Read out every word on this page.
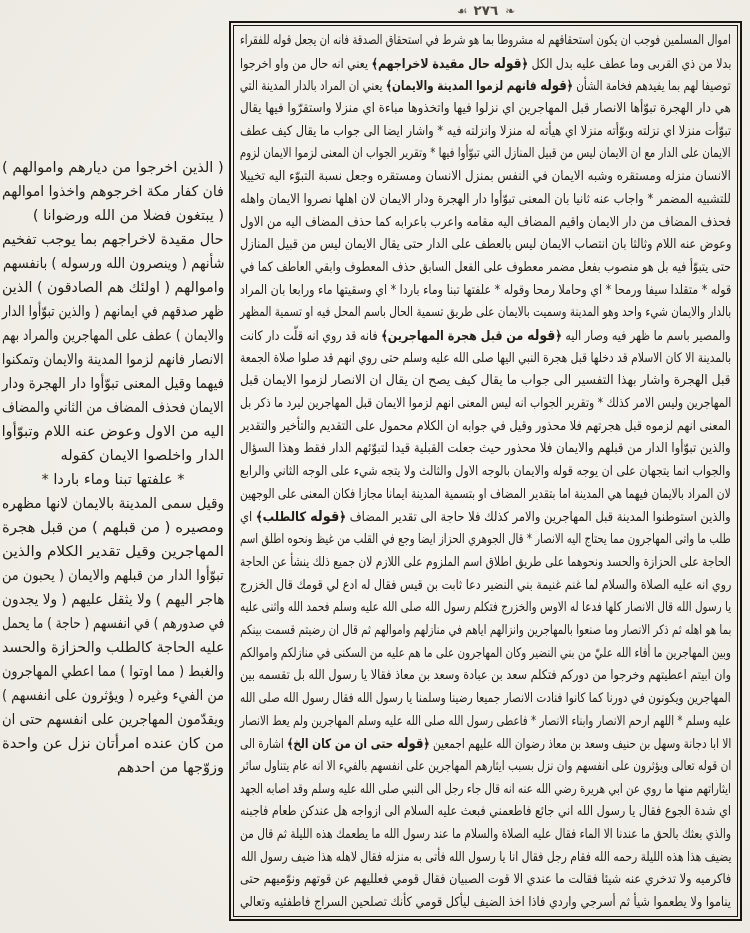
❧
٢٧٦
☙
اموال المسلمين فوجب ان يكون استحقاقهم له مشروطا بما هو شرط في استحقاق الصدقة فانه ان يجعل قوله للفقراء
بدلا من ذي القربى وما عطف عليه بدل الكل ﴿قوله حال مقيدة لاخراجهم﴾ يعني انه حال من واو اخرجوا
توصيفا لهم بما يفيدهم فخامة الشأن ﴿قوله فانهم لزموا المدينة والايمان﴾ يعني ان المراد بالدار المدينة التي
هي دار الهجرة تبوّأها الانصار قبل المهاجرين اي نزلوا فيها واتخذوها مباءة اي منزلا واستقرّوا فيها يقال
تبوّأت منزلا اي نزلته وبوّأته منزلا اي هيأته له منزلا وانزلته فيه * واشار ايضا الى جواب ما يقال كيف عطف
الايمان على الدار مع ان الايمان ليس من قبيل المنازل التي تبوّأوا فيها * وتقرير الجواب ان المعنى لزموا الايمان لزوم
الانسان منزله ومستقره وشبه الايمان في النفس بمنزل الانسان ومستقره وجعل نسبة التبوّء اليه تخييلا
للتشبيه المضمر * واجاب عنه ثانيا بان المعنى تبوّأوا دار الهجرة ودار الايمان لان اهلها نصروا الايمان واهله
فحذف المضاف من دار الايمان واقيم المضاف اليه مقامه واعرب باعرابه كما حذف المضاف اليه من الاول
وعوض عنه اللام وثالثا بان انتصاب الايمان ليس بالعطف على الدار حتى يقال الايمان ليس من قبيل المنازل
حتى يتبوّأ فيه بل هو منصوب بفعل مضمر معطوف على الفعل السابق حذف المعطوف وابقي العاطف كما في
قوله * متقلدا سيفا ورمحا * اي وحاملا رمحا وقوله * علفتها تبنا وماء باردا * اي وسقيتها ماء ورابعا بان المراد
بالدار والايمان شيء واحد وهو المدينة وسميت بالايمان على طريق تسمية الحال باسم المحل فيه او تسمية المظهر
والمصير باسم ما ظهر فيه وصار اليه ﴿قوله من قبل هجرة المهاجرين﴾ فانه قد روي انه قلّت دار كانت
بالمدينة الا كان الاسلام قد دخلها قبل هجرة النبي اليها صلى الله عليه وسلم حتى روي انهم قد صلوا صلاة الجمعة
قبل الهجرة واشار بهذا التفسير الى جواب ما يقال كيف يصح ان يقال ان الانصار لزموا الايمان قبل
المهاجرين وليس الامر كذلك * وتقرير الجواب انه ليس المعنى انهم لزموا الايمان قبل المهاجرين ليرد ما ذكر بل
المعنى انهم لزموه قبل هجرتهم فلا محذور وقيل في جوابه ان الكلام محمول على التقديم والتأخير والتقدير
والذين تبوّأوا الدار من قبلهم والايمان فلا محذور حيث جعلت القبلية قيدا لتبوّئهم الدار فقط وهذا السؤال
والجواب انما يتجهان على ان يوجه قوله والايمان بالوجه الاول والثالث ولا يتجه شيء على الوجه الثاني والرابع
لان المراد بالايمان فيهما هي المدينة اما بتقدير المضاف او بتسمية المدينة ايمانا مجازا فكان المعنى على الوجهين
والذين استوطنوا المدينة قبل المهاجرين والامر كذلك فلا حاجة الى تقدير المضاف ﴿قوله كالطلب﴾ اي
طلب ما واتى المهاجرون مما يحتاج اليه الانصار * قال الجوهري الحزاز ايضا وجع في القلب من غيظ ونحوه اطلق اسم
الحاجة على الحزازة والحسد ونحوهما على طريق اطلاق اسم الملزوم على اللازم لان جميع ذلك ينشأ عن الحاجة
روي انه عليه الصلاة والسلام لما غنم غنيمة بني النضير دعا ثابت بن قيس فقال له ادع لي قومك قال الخزرج
يا رسول الله قال الانصار كلها فدعا له الاوس والخزرج فتكلم رسول الله صلى الله عليه وسلم فحمد الله واثنى عليه
بما هو اهله ثم ذكر الانصار وما صنعوا بالمهاجرين وانزالهم اياهم في منازلهم واموالهم ثم قال ان رضيتم قسمت بينكم
وبين المهاجرين ما أفاء الله عليّ من بني النضير وكان المهاجرون على ما هم عليه من السكنى في منازلكم واموالكم
وان ابيتم اعطيتهم وخرجوا من دوركم فتكلم سعد بن عبادة وسعد بن معاذ فقالا يا رسول الله بل تقسمه بين
المهاجرين ويكونون في دورنا كما كانوا فنادت الانصار جميعا رضينا وسلمنا يا رسول الله فقال رسول الله صلى الله
عليه وسلم * اللهم ارحم الانصار وابناء الانصار * فاعطى رسول الله صلى الله عليه وسلم المهاجرين ولم يعط الانصار
الا ابا دجانة وسهل بن حنيف وسعد بن معاذ رضوان الله عليهم اجمعين ﴿قوله حتى ان من كان الخ﴾ اشارة الى
ان قوله تعالى ويؤثرون على انفسهم وان نزل بسبب ايثارهم المهاجرين على انفسهم بالفيء الا انه عام يتناول سائر
ايثاراتهم منها ما روي عن ابي هريرة رضي الله عنه انه قال جاء رجل الى النبي صلى الله عليه وسلم وقد اصابه الجهد
اي شدة الجوع فقال يا رسول الله اني جائع فاطعمني فبعث عليه السلام الى ازواجه هل عندكن طعام فاجبنه
والذي بعثك بالحق ما عندنا الا الماء فقال عليه الصلاة والسلام ما عند رسول الله ما يطعمك هذه الليلة ثم قال من
يضيف هذا هذه الليلة رحمه الله فقام رجل فقال انا يا رسول الله فأتى به منزله فقال لاهله هذا ضيف رسول الله
فاكرميه ولا تدخري عنه شيئا فقالت ما عندي الا قوت الصبيان فقال قومي فعلليهم عن قوتهم ونوّميهم حتى
يناموا ولا يطعموا شيأ ثم أسرجي واردي فاذا اخذ الضيف ليأكل قومي كأنك تصلحين السراج فاطفئيه وتعالي
( الذين اخرجوا من ديارهم واموالهم )
فان كفار مكة اخرجوهم واخذوا اموالهم
( يبتغون فضلا من الله ورضوانا )
حال مقيدة لاخراجهم بما يوجب تفخيم
شأنهم ( وينصرون الله ورسوله ) بانفسهم
واموالهم ( اولئك هم الصادقون ) الذين
ظهر صدقهم في ايمانهم ( والذين تبوّأوا الدار
والايمان ) عطف على المهاجرين والمراد بهم
الانصار فانهم لزموا المدينة والايمان وتمكنوا
فيهما وقيل المعنى تبوّأوا دار الهجرة ودار
الايمان فحذف المضاف من الثاني والمضاف
اليه من الاول وعوض عنه اللام وتبوّأوا
الدار واخلصوا الايمان كقوله
* علفتها تبنا وماء باردا *
وقيل سمى المدينة بالايمان لانها مظهره
ومصيره ( من قبلهم ) من قبل هجرة
المهاجرين وقيل تقدير الكلام والذين
تبوّأوا الدار من قبلهم والايمان ( يحبون من
هاجر اليهم ) ولا يثقل عليهم ( ولا يجدون
في صدورهم ) في انفسهم ( حاجة ) ما يحمل
عليه الحاجة كالطلب والحزازة والحسد
والغبط ( مما اوتوا ) مما اعطي المهاجرون
من الفيء وغيره ( ويؤثرون على انفسهم )
ويقدّمون المهاجرين على انفسهم حتى ان
من كان عنده امرأتان نزل عن واحدة
وزوّجها من احدهم
